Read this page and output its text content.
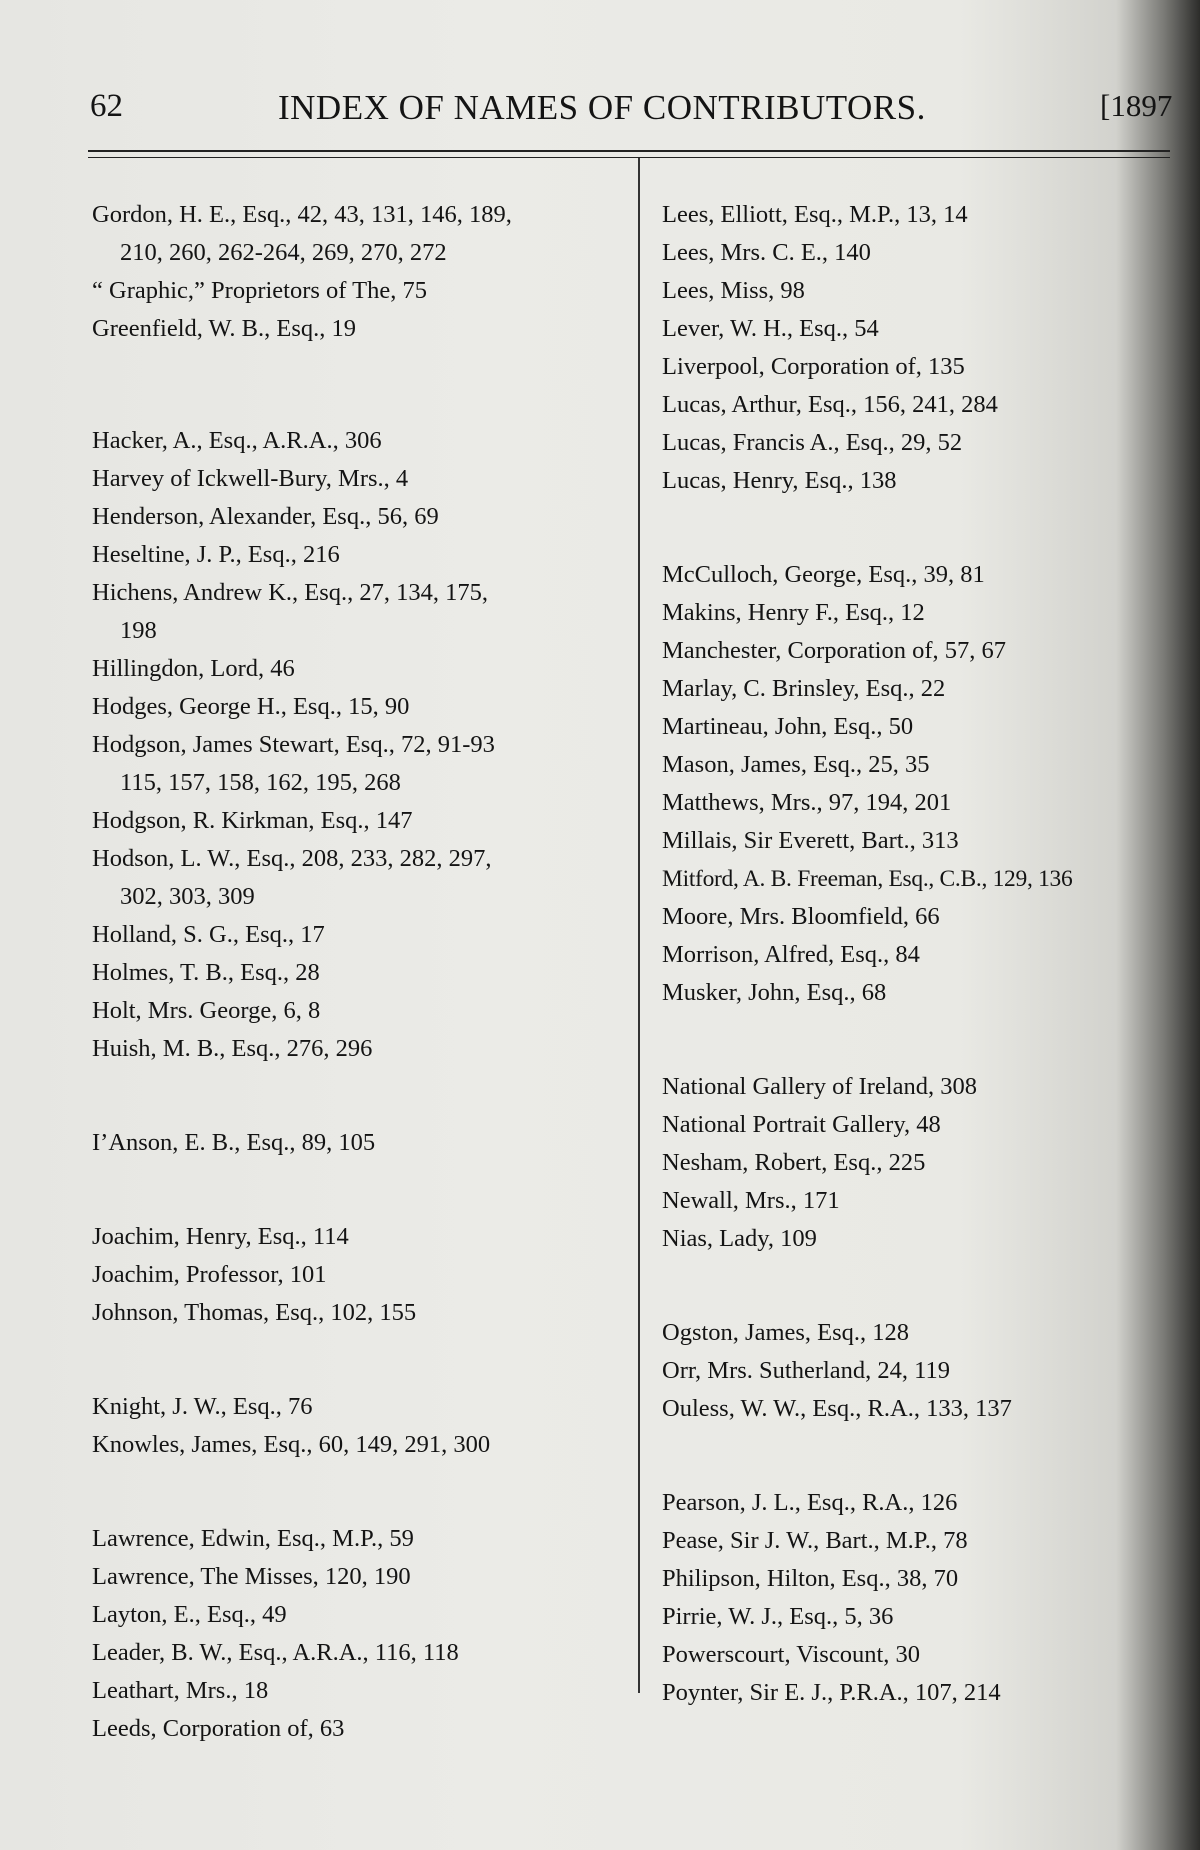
62	INDEX OF NAMES OF CONTRIBUTORS.	[1897
Gordon, H. E., Esq., 42, 43, 131, 146, 189,
210, 260, 262-264, 269, 270, 272
“ Graphic,” Proprietors of The, 75
Greenfield, W. B., Esq., 19
Hacker, A., Esq., A.R.A., 306
Harvey of Ickwell-Bury, Mrs., 4
Henderson, Alexander, Esq., 56, 69
Heseltine, J. P., Esq., 216
Hichens, Andrew K., Esq., 27, 134, 175,
198
Hillingdon, Lord, 46
Hodges, George H., Esq., 15, 90
Hodgson, James Stewart, Esq., 72, 91-93
115, 157, 158, 162, 195, 268
Hodgson, R. Kirkman, Esq., 147
Hodson, L. W., Esq., 208, 233, 282, 297,
302, 303, 309
Holland, S. G., Esq., 17
Holmes, T. B., Esq., 28
Holt, Mrs. George, 6, 8
Huish, M. B., Esq., 276, 296
I’Anson, E. B., Esq., 89, 105
Joachim, Henry, Esq., 114
Joachim, Professor, 101
Johnson, Thomas, Esq., 102, 155
Knight, J. W., Esq., 76
Knowles, James, Esq., 60, 149, 291, 300
Lawrence, Edwin, Esq., M.P., 59
Lawrence, The Misses, 120, 190
Layton, E., Esq., 49
Leader, B. W., Esq., A.R.A., 116, 118
Leathart, Mrs., 18
Leeds, Corporation of, 63
Lees, Elliott, Esq., M.P., 13, 14
Lees, Mrs. C. E., 140
Lees, Miss, 98
Lever, W. H., Esq., 54
Liverpool, Corporation of, 135
Lucas, Arthur, Esq., 156, 241, 284
Lucas, Francis A., Esq., 29, 52
Lucas, Henry, Esq., 138
McCulloch, George, Esq., 39, 81
Makins, Henry F., Esq., 12
Manchester, Corporation of, 57, 67
Marlay, C. Brinsley, Esq., 22
Martineau, John, Esq., 50
Mason, James, Esq., 25, 35
Matthews, Mrs., 97, 194, 201
Millais, Sir Everett, Bart., 313
Mitford, A. B. Freeman, Esq., C.B., 129, 136
Moore, Mrs. Bloomfield, 66
Morrison, Alfred, Esq., 84
Musker, John, Esq., 68
National Gallery of Ireland, 308
National Portrait Gallery, 48
Nesham, Robert, Esq., 225
Newall, Mrs., 171
Nias, Lady, 109
Ogston, James, Esq., 128
Orr, Mrs. Sutherland, 24, 119
Ouless, W. W., Esq., R.A., 133, 137
Pearson, J. L., Esq., R.A., 126
Pease, Sir J. W., Bart., M.P., 78
Philipson, Hilton, Esq., 38, 70
Pirrie, W. J., Esq., 5, 36
Powerscourt, Viscount, 30
Poynter, Sir E. J., P.R.A., 107, 214
